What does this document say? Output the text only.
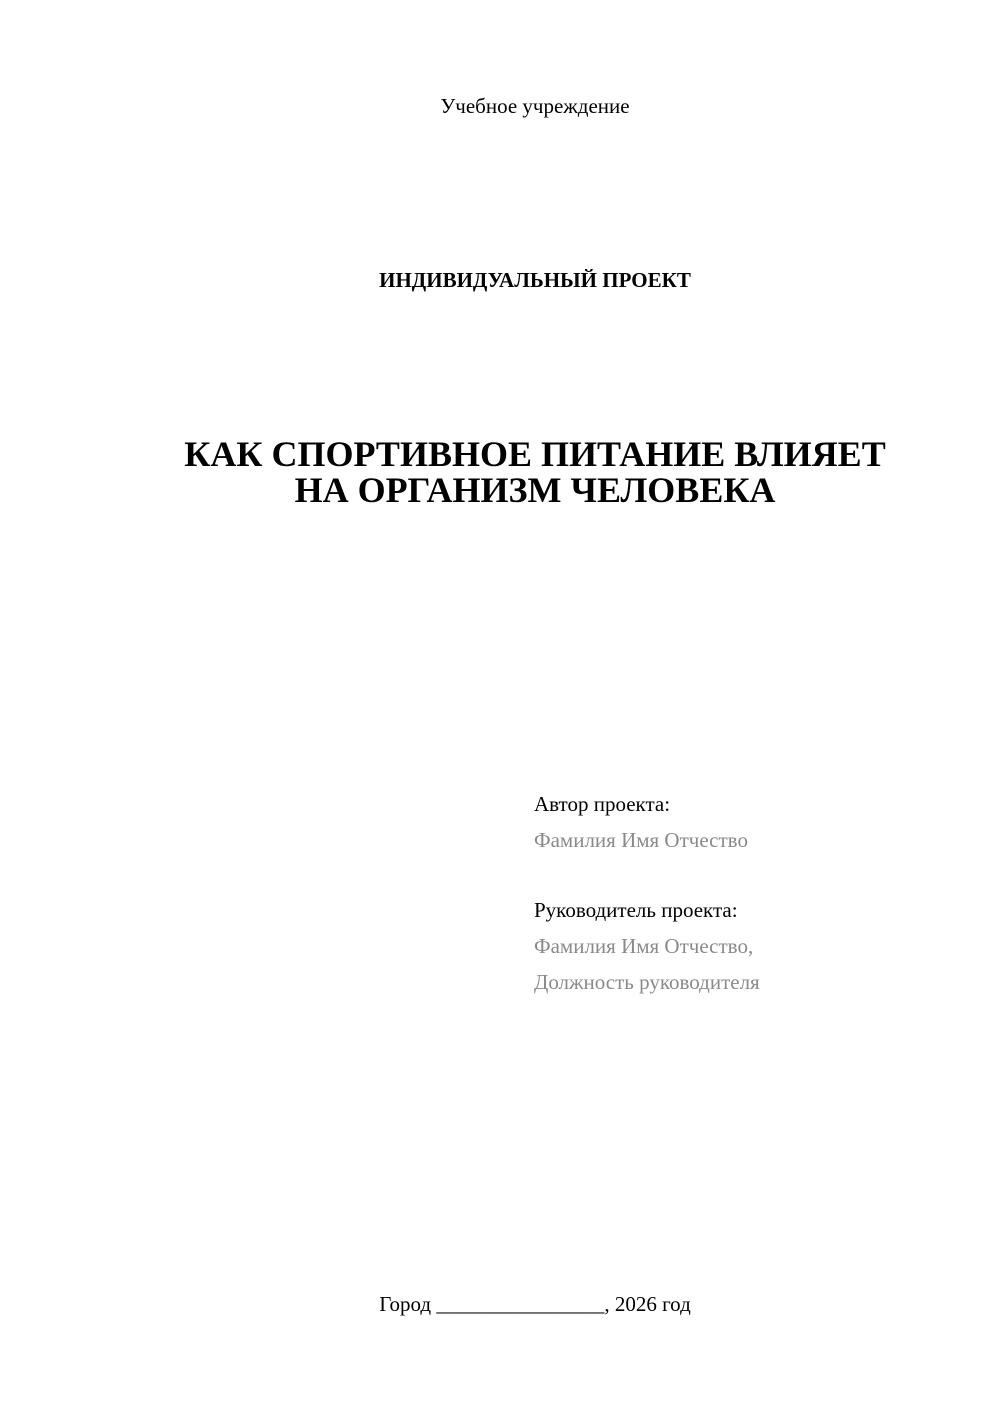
Учебное учреждение
ИНДИВИДУАЛЬНЫЙ ПРОЕКТ
КАК СПОРТИВНОЕ ПИТАНИЕ ВЛИЯЕТ
НА ОРГАНИЗМ ЧЕЛОВЕКА
Автор проекта:
Фамилия Имя Отчество
Руководитель проекта:
Фамилия Имя Отчество,
Должность руководителя
Город ________________, 2026 год
